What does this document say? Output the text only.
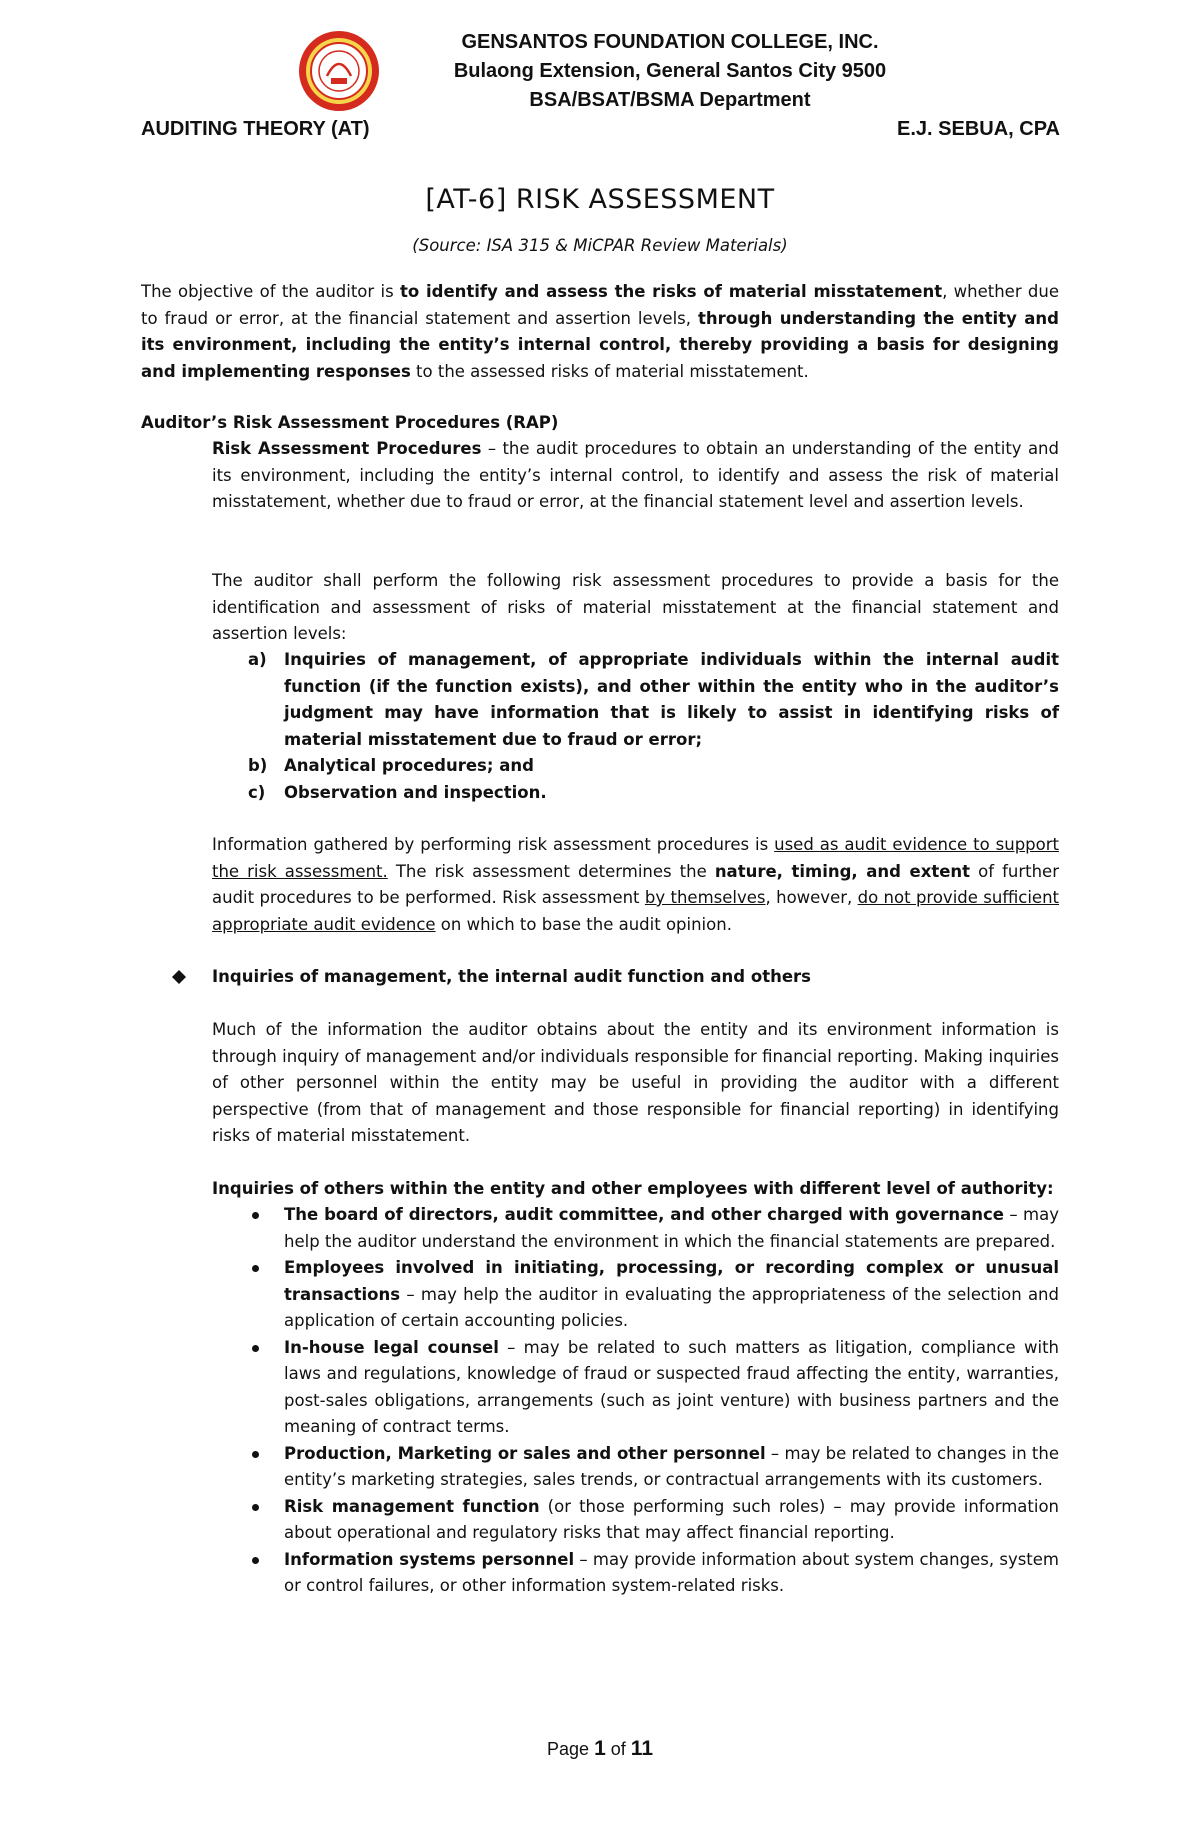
GENSANTOS FOUNDATION COLLEGE, INC.
Bulaong Extension, General Santos City 9500
BSA/BSAT/BSMA Department
AUDITING THEORY (AT)	E.J. SEBUA, CPA
[AT-6] RISK ASSESSMENT
(Source: ISA 315 & MiCPAR Review Materials)

The objective of the auditor is to identify and assess the risks of material misstatement, whether due to fraud or error, at the financial statement and assertion levels, through understanding the entity and its environment, including the entity’s internal control, thereby providing a basis for designing and implementing responses to the assessed risks of material misstatement.

Auditor’s Risk Assessment Procedures (RAP)

Risk Assessment Procedures – the audit procedures to obtain an understanding of the entity and its environment, including the entity’s internal control, to identify and assess the risk of material misstatement, whether due to fraud or error, at the financial statement level and assertion levels.

The auditor shall perform the following risk assessment procedures to provide a basis for the identification and assessment of risks of material misstatement at the financial statement and assertion levels:

a) Inquiries of management, of appropriate individuals within the internal audit function (if the function exists), and other within the entity who in the auditor’s judgment may have information that is likely to assist in identifying risks of material misstatement due to fraud or error;
b) Analytical procedures; and
c) Observation and inspection.

Information gathered by performing risk assessment procedures is used as audit evidence to support the risk assessment. The risk assessment determines the nature, timing, and extent of further audit procedures to be performed. Risk assessment by themselves, however, do not provide sufficient appropriate audit evidence on which to base the audit opinion.

Inquiries of management, the internal audit function and others

Much of the information the auditor obtains about the entity and its environment information is through inquiry of management and/or individuals responsible for financial reporting. Making inquiries of other personnel within the entity may be useful in providing the auditor with a different perspective (from that of management and those responsible for financial reporting) in identifying risks of material misstatement.

Inquiries of others within the entity and other employees with different level of authority:
The board of directors, audit committee, and other charged with governance – may help the auditor understand the environment in which the financial statements are prepared.
Employees involved in initiating, processing, or recording complex or unusual transactions – may help the auditor in evaluating the appropriateness of the selection and application of certain accounting policies.
In-house legal counsel – may be related to such matters as litigation, compliance with laws and regulations, knowledge of fraud or suspected fraud affecting the entity, warranties, post-sales obligations, arrangements (such as joint venture) with business partners and the meaning of contract terms.
Production, Marketing or sales and other personnel – may be related to changes in the entity’s marketing strategies, sales trends, or contractual arrangements with its customers.
Risk management function (or those performing such roles) – may provide information about operational and regulatory risks that may affect financial reporting.
Information systems personnel – may provide information about system changes, system or control failures, or other information system-related risks.
Page 1 of 11
